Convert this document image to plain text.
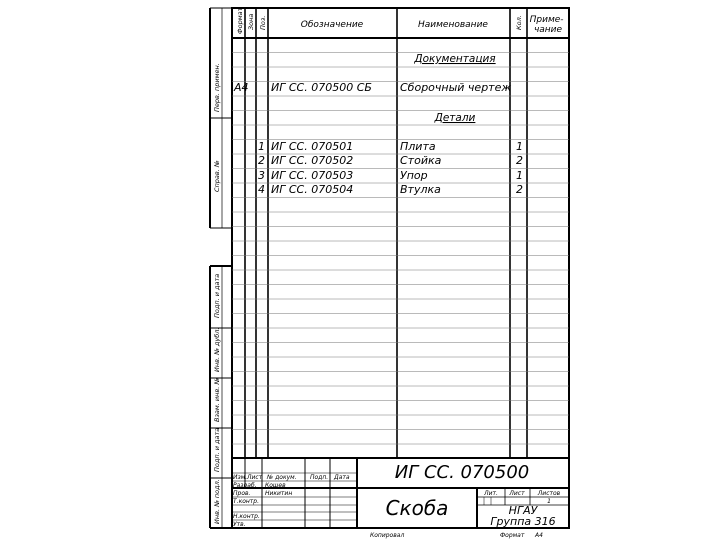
Формат Зона Поз.	Обозначение	Наименование	Кол. Приме- чание
Документация
Детали
А4 ИГ СС. 070500 СБ	Сборочный чертеж
1 ИГ СС. 070501	Плита	1
2 ИГ СС. 070502	Стойка	2
3 ИГ СС. 070503	Упор	1
4 ИГ СС. 070504	Втулка	2
Перв. примен.
Справ. №
Подп. и дата
Инв. № дубл.
Взам. инв. №
Подп. и дата
Инв. № подл.
ИГ СС. 070500
Скоба	НГАУ
Группа 316
Изм. Лист № докум. Подп. Дата
Разраб. Кошев
Пров. Никитин
Т.контр.
Н.контр.
Утв.
Лит. Лист Листов
1
Копировал	Формат А4
